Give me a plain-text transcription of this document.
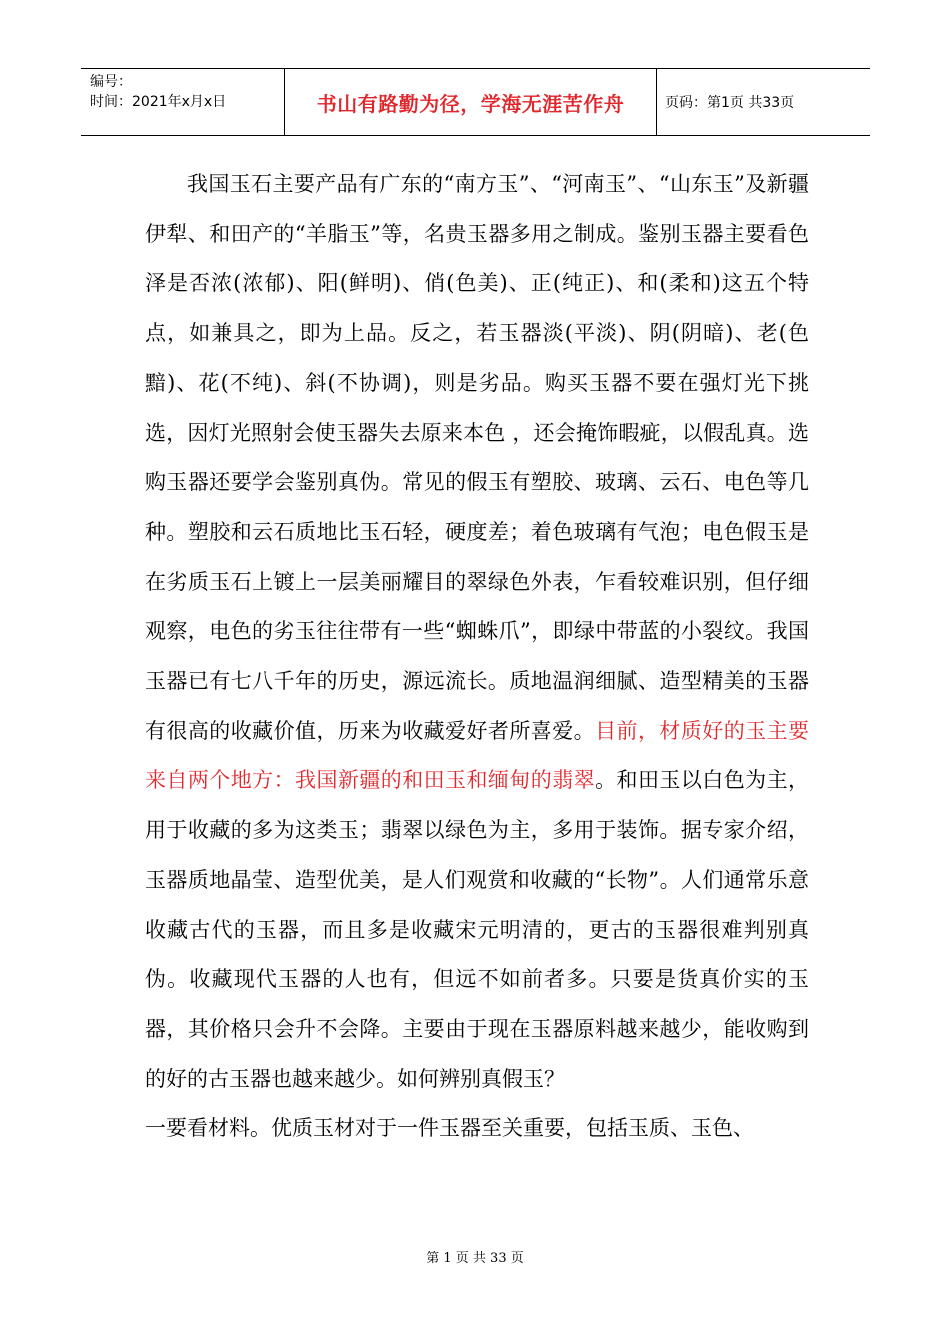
编号：
时间：2021年x月x日	书山有路勤为径，学海无涯苦作舟	页码：第1页 共33页

我国玉石主要产品有广东的“南方玉”、“河南玉”、“山东玉”及新疆伊犁、和田产的“羊脂玉”等，名贵玉器多用之制成。鉴别玉器主要看色泽是否浓(浓郁)、阳(鲜明)、俏(色美)、正(纯正)、和(柔和)这五个特点，如兼具之，即为上品。反之，若玉器淡(平淡)、阴(阴暗)、老(色黯)、花(不纯)、斜(不协调)，则是劣品。购买玉器不要在强灯光下挑选，因灯光照射会使玉器失去原来本色 ，还会掩饰暇疵，以假乱真。选购玉器还要学会鉴别真伪。常见的假玉有塑胶、玻璃、云石、电色等几种。塑胶和云石质地比玉石轻，硬度差；着色玻璃有气泡；电色假玉是在劣质玉石上镀上一层美丽耀目的翠绿色外表，乍看较难识别，但仔细观察，电色的劣玉往往带有一些“蜘蛛爪”，即绿中带蓝的小裂纹。我国玉器已有七八千年的历史，源远流长。质地温润细腻、造型精美的玉器有很高的收藏价值，历来为收藏爱好者所喜爱。目前，材质好的玉主要来自两个地方：我国新疆的和田玉和缅甸的翡翠。和田玉以白色为主，用于收藏的多为这类玉；翡翠以绿色为主，多用于装饰。据专家介绍，玉器质地晶莹、造型优美，是人们观赏和收藏的“长物”。人们通常乐意收藏古代的玉器，而且多是收藏宋元明清的，更古的玉器很难判别真伪。收藏现代玉器的人也有，但远不如前者多。只要是货真价实的玉器，其价格只会升不会降。主要由于现在玉器原料越来越少，能收购到的好的古玉器也越来越少。如何辨别真假玉？

一要看材料。优质玉材对于一件玉器至关重要，包括玉质、玉色、

第 1 页 共 33 页
